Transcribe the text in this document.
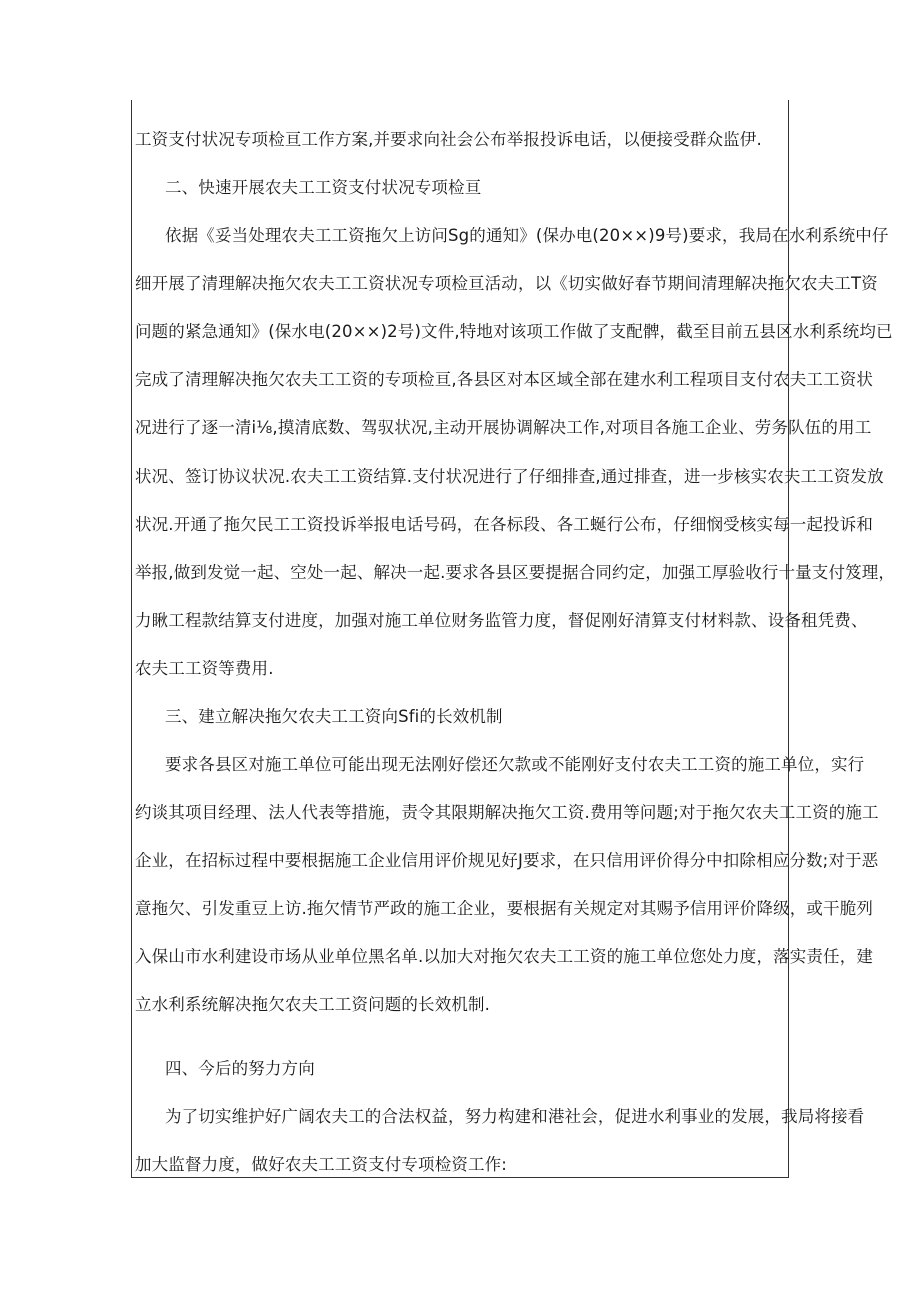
工资支付状况专项检亘工作方案,并要求向社会公布举报投诉电话，以便接受群众监伊.
二、快速开展农夫工工资支付状况专项检亘
依据《妥当处理农夫工工资拖欠上访问Sg的通知》(保办电(20××)9号)要求，我局在水利系统中仔
细开展了清理解决拖欠农夫工工资状况专项检亘活动，以《切实做好春节期间清理解决拖欠农夫工T资
问题的紧急通知》(保水电(20××)2号)文件,特地对该项工作做了支配髀，截至目前五县区水利系统均已
完成了清理解决拖欠农夫工工资的专项检亘,各县区对本区域全部在建水利工程项目支付农夫工工资状
况进行了逐一清i⅛,摸清底数、驾驭状况,主动开展协调解决工作,对项目各施工企业、劳务队伍的用工
状况、签订协议状况.农夫工工资结算.支付状况进行了仔细排查,通过排查，进一步核实农夫工工资发放
状况.开通了拖欠民工工资投诉举报电话号码，在各标段、各工蜒行公布，仔细悯受核实每一起投诉和
举报,做到发觉一起、空处一起、解决一起.要求各县区要提据合同约定，加强工厚验收行十量支付笈理，
力瞅工程款结算支付进度，加强对施工单位财务监管力度，督促刚好清算支付材料款、设备租凭费、
农夫工工资等费用.
三、建立解决拖欠农夫工工资向Sfi的长效机制
要求各县区对施工单位可能出现无法刚好偿还欠款或不能刚好支付农夫工工资的施工单位，实行
约谈其项目经理、法人代表等措施，责令其限期解决拖欠工资.费用等问题;对于拖欠农夫工工资的施工
企业，在招标过程中要根据施工企业信用评价规见好J要求，在只信用评价得分中扣除相应分数;对于恶
意拖欠、引发重豆上访.拖欠情节严政的施工企业，要根据有关规定对其赐予信用评价降级，或干脆列
入保山市水利建设市场从业单位黑名单.以加大对拖欠农夫工工资的施工单位您处力度，落实责任，建
立水利系统解决拖欠农夫工工资问题的长效机制.
四、今后的努力方向
为了切实维护好广阔农夫工的合法权益，努力构建和港社会，促进水利事业的发展，我局将接看
加大监督力度，做好农夫工工资支付专项检资工作:
